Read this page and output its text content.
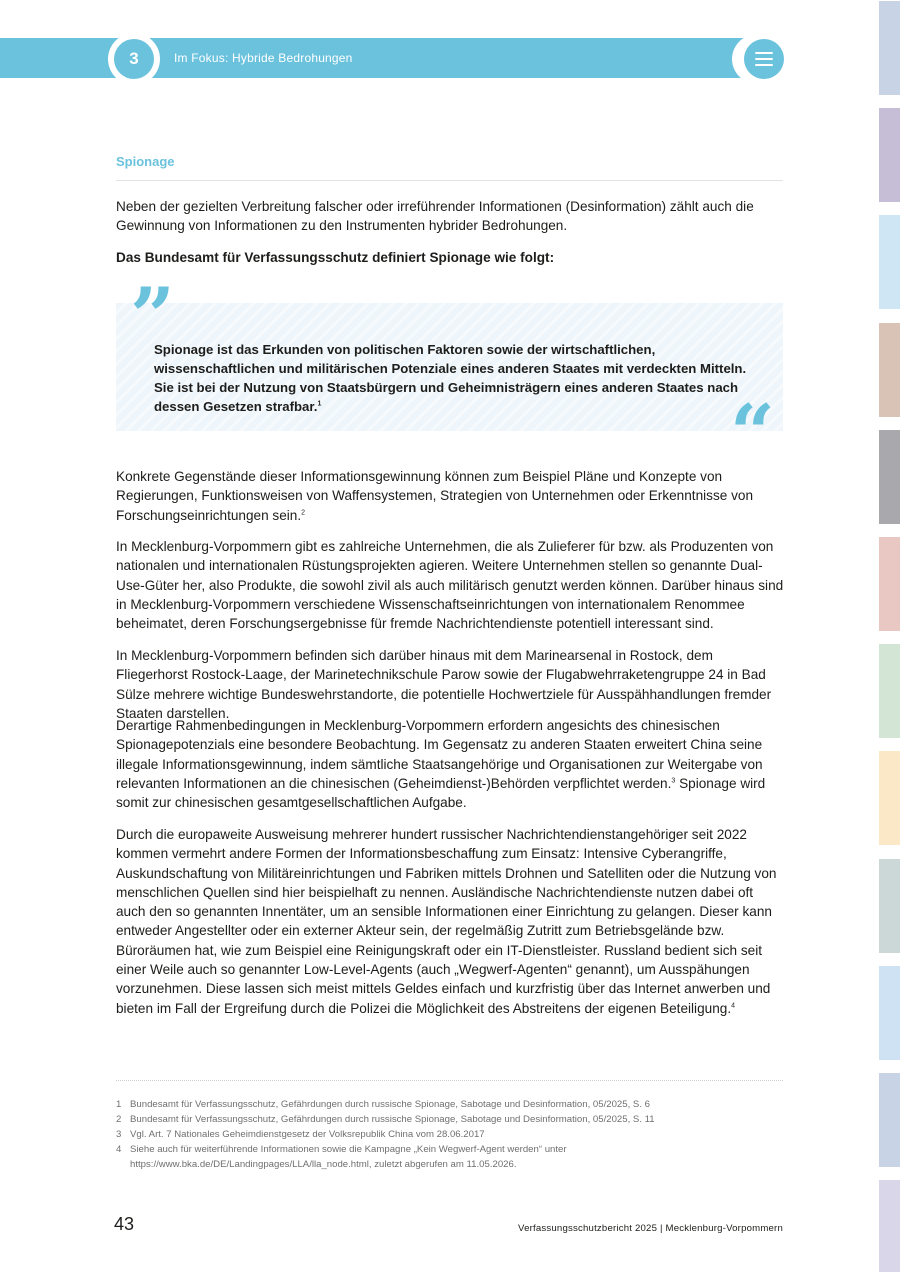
3	Im Fokus: Hybride Bedrohungen
Spionage

Neben der gezielten Verbreitung falscher oder irreführender Informationen (Desinformation) zählt auch die Gewinnung von Informationen zu den Instrumenten hybrider Bedrohungen.

Das Bundesamt für Verfassungsschutz definiert Spionage wie folgt:

”

Spionage ist das Erkunden von politischen Faktoren sowie der wirtschaftlichen, wissenschaftlichen und militärischen Potenziale eines anderen Staates mit verdeckten Mitteln. Sie ist bei der Nutzung von Staatsbürgern und Geheimnisträgern eines anderen Staates nach dessen Gesetzen strafbar.$^1$	“

Konkrete Gegenstände dieser Informationsgewinnung können zum Beispiel Pläne und Konzepte von Regierungen, Funktionsweisen von Waffensystemen, Strategien von Unternehmen oder Erkenntnisse von Forschungseinrichtungen sein.$^2$

In Mecklenburg-Vorpommern gibt es zahlreiche Unternehmen, die als Zulieferer für bzw. als Produzenten von nationalen und internationalen Rüstungsprojekten agieren. Weitere Unternehmen stellen so genannte Dual-Use-Güter her, also Produkte, die sowohl zivil als auch militärisch genutzt werden können. Darüber hinaus sind in Mecklenburg-Vorpommern verschiedene Wissenschaftseinrichtungen von internationalem Renommee beheimatet, deren Forschungsergebnisse für fremde Nachrichtendienste potentiell interessant sind.

In Mecklenburg-Vorpommern befinden sich darüber hinaus mit dem Marinearsenal in Rostock, dem Fliegerhorst Rostock-Laage, der Marinetechnikschule Parow sowie der Flugabwehrraketengruppe 24 in Bad Sülze mehrere wichtige Bundeswehrstandorte, die potentielle Hochwertziele für Ausspähhandlungen fremder Staaten darstellen.

Derartige Rahmenbedingungen in Mecklenburg-Vorpommern erfordern angesichts des chinesischen Spionagepotenzials eine besondere Beobachtung. Im Gegensatz zu anderen Staaten erweitert China seine illegale Informationsgewinnung, indem sämtliche Staatsangehörige und Organisationen zur Weitergabe von relevanten Informationen an die chinesischen (Geheimdienst-)Behörden verpflichtet werden.$^3$ Spionage wird somit zur chinesischen gesamtgesellschaftlichen Aufgabe.

Durch die europaweite Ausweisung mehrerer hundert russischer Nachrichtendienstangehöriger seit 2022 kommen vermehrt andere Formen der Informationsbeschaffung zum Einsatz: Intensive Cyberangriffe, Auskundschaftung von Militäreinrichtungen und Fabriken mittels Drohnen und Satelliten oder die Nutzung von menschlichen Quellen sind hier beispielhaft zu nennen. Ausländische Nachrichtendienste nutzen dabei oft auch den so genannten Innentäter, um an sensible Informationen einer Einrichtung zu gelangen. Dieser kann entweder Angestellter oder ein externer Akteur sein, der regelmäßig Zutritt zum Betriebsgelände bzw. Büroräumen hat, wie zum Beispiel eine Reinigungskraft oder ein IT-Dienstleister. Russland bedient sich seit einer Weile auch so genannter Low-Level-Agents (auch „Wegwerf-Agenten“ genannt), um Ausspähungen vorzunehmen. Diese lassen sich meist mittels Geldes einfach und kurzfristig über das Internet anwerben und bieten im Fall der Ergreifung durch die Polizei die Möglichkeit des Abstreitens der eigenen Beteiligung.$^4$

1 Bundesamt für Verfassungsschutz, Gefährdungen durch russische Spionage, Sabotage und Desinformation, 05/2025, S. 6
2 Bundesamt für Verfassungsschutz, Gefährdungen durch russische Spionage, Sabotage und Desinformation, 05/2025, S. 11
3 Vgl. Art. 7 Nationales Geheimdienstgesetz der Volksrepublik China vom 28.06.2017
4 Siehe auch für weiterführende Informationen sowie die Kampagne „Kein Wegwerf-Agent werden“ unter https://www.bka.de/DE/Landingpages/LLA/lla_node.html, zuletzt abgerufen am 11.05.2026.
43	Verfassungsschutzbericht 2025 | Mecklenburg-Vorpommern
